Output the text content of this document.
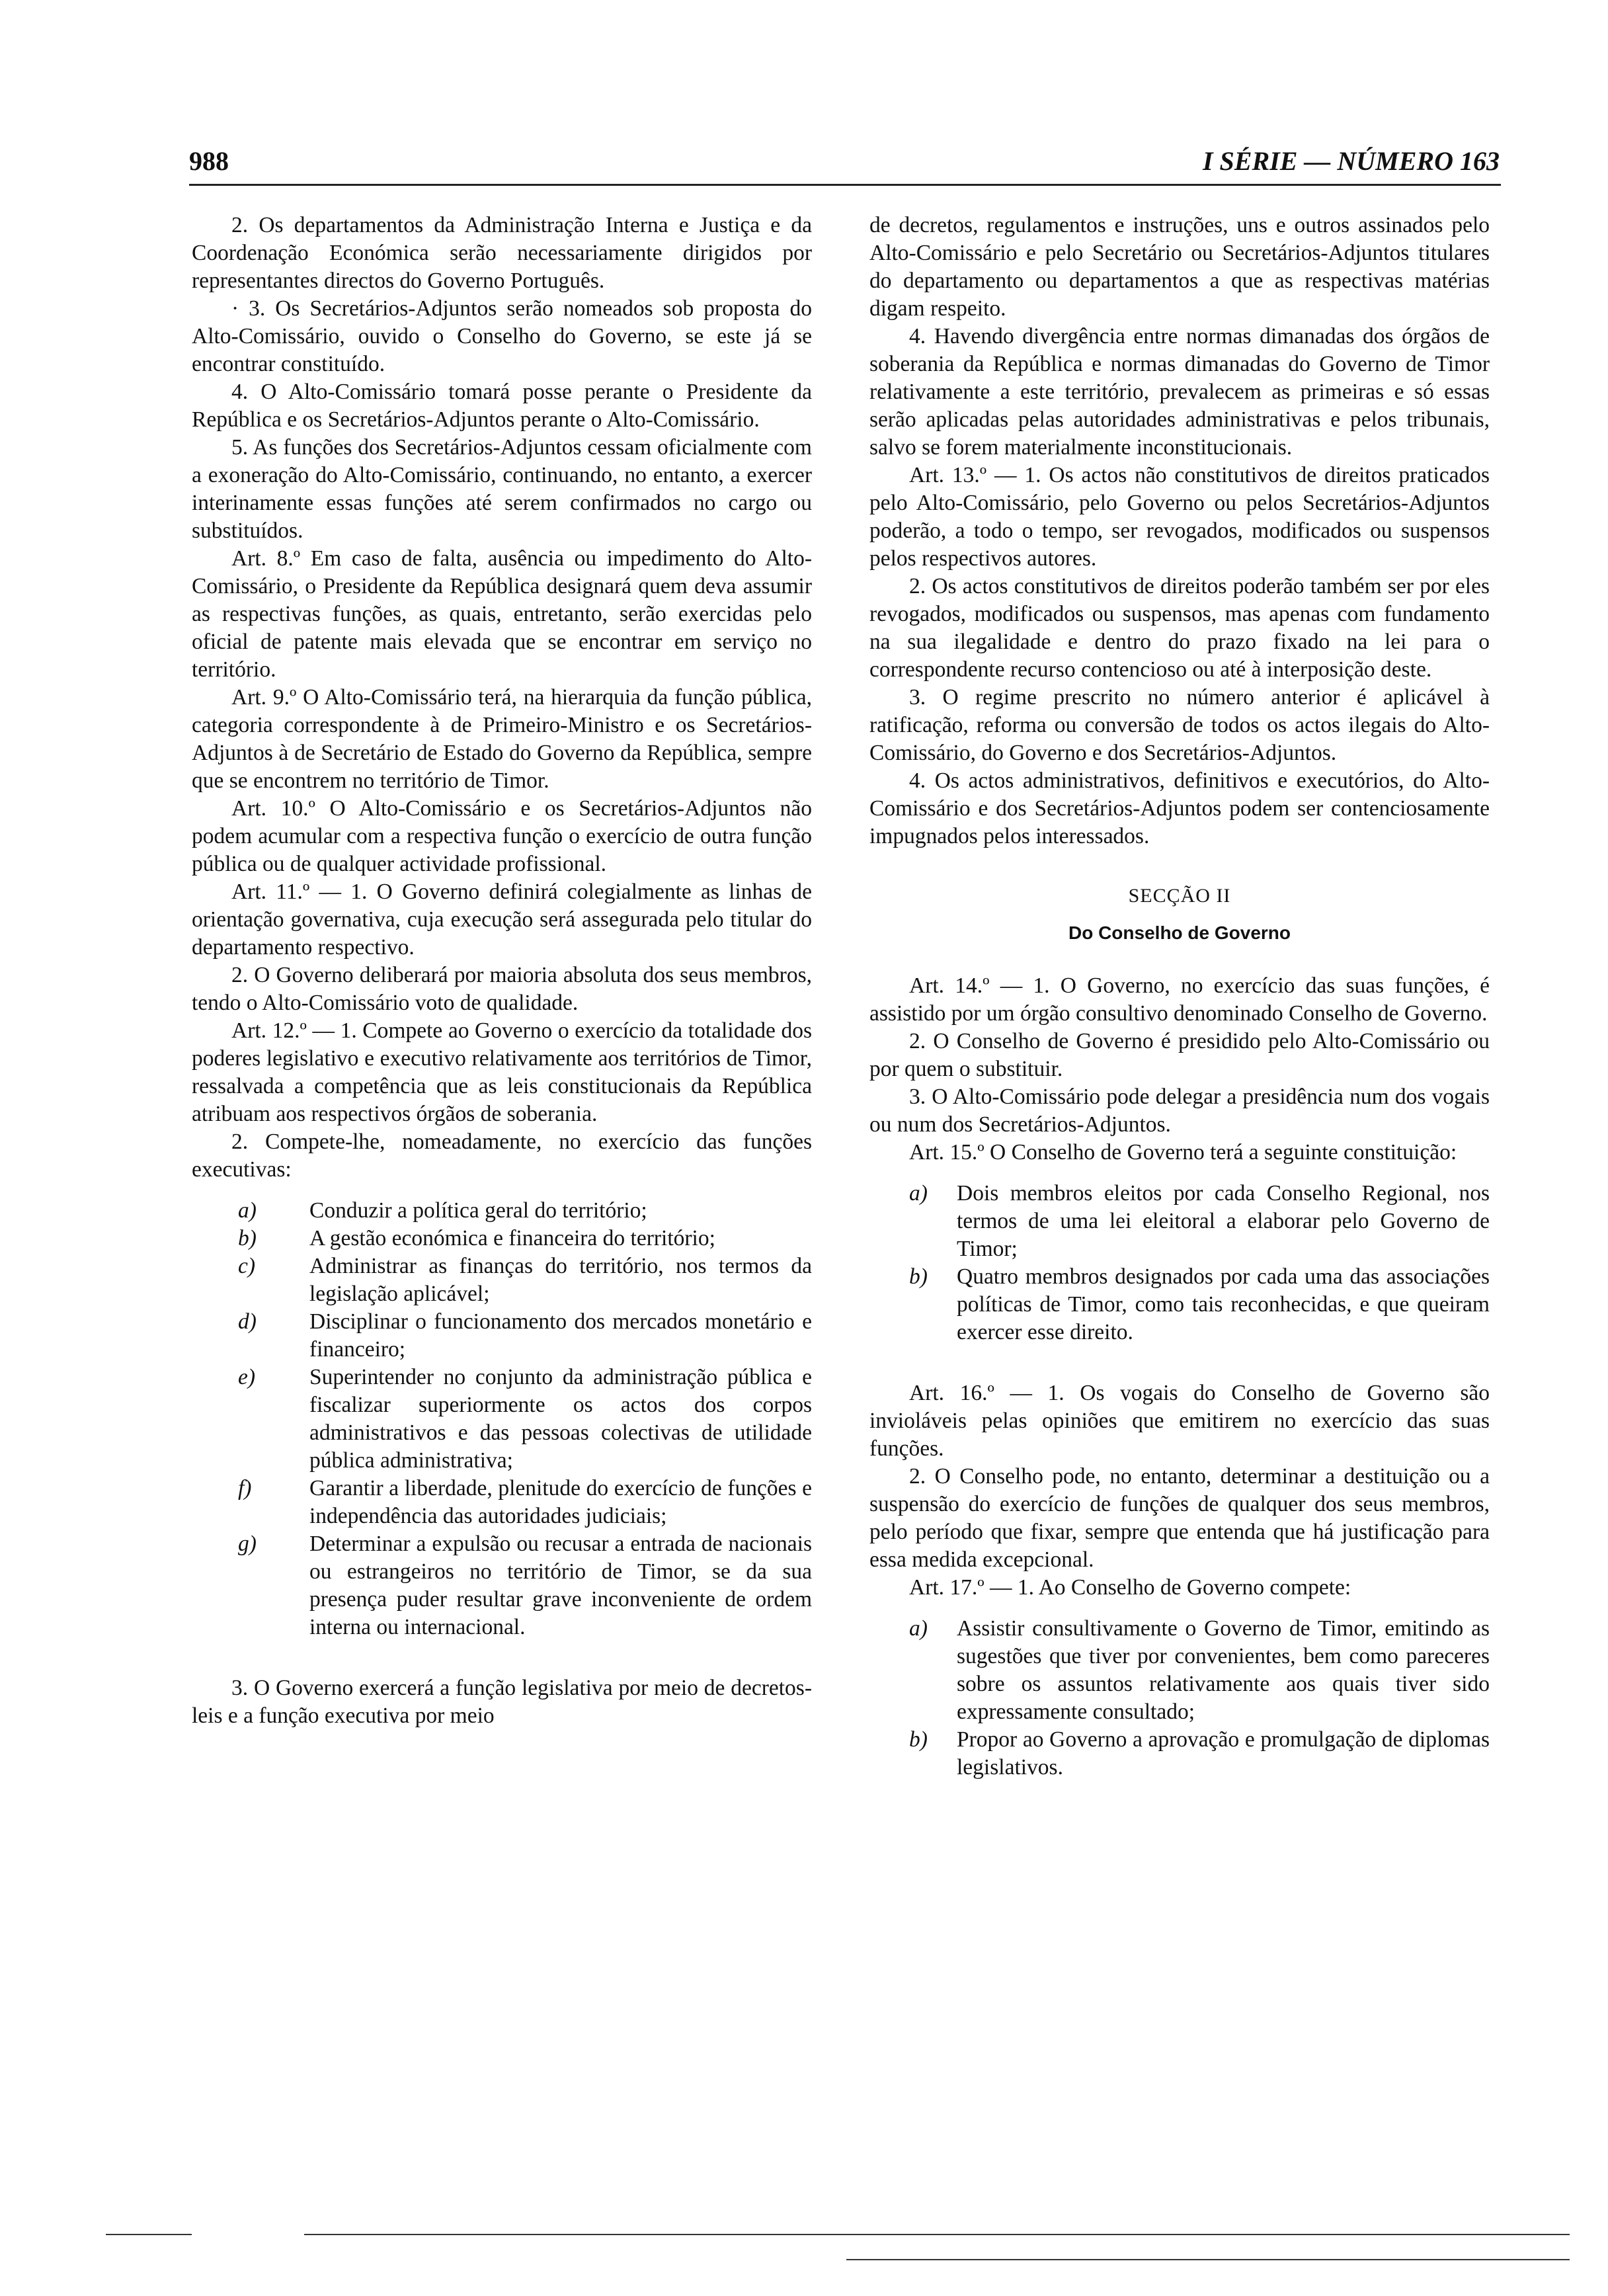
988	I SÉRIE — NÚMERO 163

2. Os departamentos da Administração Interna e Justiça e da Coordenação Económica serão necessariamente dirigidos por representantes directos do Governo Português.

· 3. Os Secretários-Adjuntos serão nomeados sob proposta do Alto-Comissário, ouvido o Conselho do Governo, se este já se encontrar constituído.

4. O Alto-Comissário tomará posse perante o Presidente da República e os Secretários-Adjuntos perante o Alto-Comissário.

5. As funções dos Secretários-Adjuntos cessam oficialmente com a exoneração do Alto-Comissário, continuando, no entanto, a exercer interinamente essas funções até serem confirmados no cargo ou substituídos.

Art. 8.º Em caso de falta, ausência ou impedimento do Alto-Comissário, o Presidente da República designará quem deva assumir as respectivas funções, as quais, entretanto, serão exercidas pelo oficial de patente mais elevada que se encontrar em serviço no território.

Art. 9.º O Alto-Comissário terá, na hierarquia da função pública, categoria correspondente à de Primeiro-Ministro e os Secretários-Adjuntos à de Secretário de Estado do Governo da República, sempre que se encontrem no território de Timor.

Art. 10.º O Alto-Comissário e os Secretários-Adjuntos não podem acumular com a respectiva função o exercício de outra função pública ou de qualquer actividade profissional.

Art. 11.º — 1. O Governo definirá colegialmente as linhas de orientação governativa, cuja execução será assegurada pelo titular do departamento respectivo.

2. O Governo deliberará por maioria absoluta dos seus membros, tendo o Alto-Comissário voto de qualidade.

Art. 12.º — 1. Compete ao Governo o exercício da totalidade dos poderes legislativo e executivo relativamente aos territórios de Timor, ressalvada a competência que as leis constitucionais da República atribuam aos respectivos órgãos de soberania.

2. Compete-lhe, nomeadamente, no exercício das funções executivas:

a)	Conduzir a política geral do território;
b)	A gestão económica e financeira do território;
c)	Administrar as finanças do território, nos termos da legislação aplicável;
d)	Disciplinar o funcionamento dos mercados monetário e financeiro;
e)	Superintender no conjunto da administração pública e fiscalizar superiormente os actos dos corpos administrativos e das pessoas colectivas de utilidade pública administrativa;
f)	Garantir a liberdade, plenitude do exercício de funções e independência das autoridades judiciais;
g)	Determinar a expulsão ou recusar a entrada de nacionais ou estrangeiros no território de Timor, se da sua presença puder resultar grave inconveniente de ordem interna ou internacional.

3. O Governo exercerá a função legislativa por meio de decretos-leis e a função executiva por meio

de decretos, regulamentos e instruções, uns e outros assinados pelo Alto-Comissário e pelo Secretário ou Secretários-Adjuntos titulares do departamento ou departamentos a que as respectivas matérias digam respeito.

4. Havendo divergência entre normas dimanadas dos órgãos de soberania da República e normas dimanadas do Governo de Timor relativamente a este território, prevalecem as primeiras e só essas serão aplicadas pelas autoridades administrativas e pelos tribunais, salvo se forem materialmente inconstitucionais.

Art. 13.º — 1. Os actos não constitutivos de direitos praticados pelo Alto-Comissário, pelo Governo ou pelos Secretários-Adjuntos poderão, a todo o tempo, ser revogados, modificados ou suspensos pelos respectivos autores.

2. Os actos constitutivos de direitos poderão também ser por eles revogados, modificados ou suspensos, mas apenas com fundamento na sua ilegalidade e dentro do prazo fixado na lei para o correspondente recurso contencioso ou até à interposição deste.

3. O regime prescrito no número anterior é aplicável à ratificação, reforma ou conversão de todos os actos ilegais do Alto-Comissário, do Governo e dos Secretários-Adjuntos.

4. Os actos administrativos, definitivos e executórios, do Alto-Comissário e dos Secretários-Adjuntos podem ser contenciosamente impugnados pelos interessados.

SECÇÃO II
Do Conselho de Governo

Art. 14.º — 1. O Governo, no exercício das suas funções, é assistido por um órgão consultivo denominado Conselho de Governo.

2. O Conselho de Governo é presidido pelo Alto-Comissário ou por quem o substituir.

3. O Alto-Comissário pode delegar a presidência num dos vogais ou num dos Secretários-Adjuntos.

Art. 15.º O Conselho de Governo terá a seguinte constituição:

a)	Dois membros eleitos por cada Conselho Regional, nos termos de uma lei eleitoral a elaborar pelo Governo de Timor;
b)	Quatro membros designados por cada uma das associações políticas de Timor, como tais reconhecidas, e que queiram exercer esse direito.

Art. 16.º — 1. Os vogais do Conselho de Governo são invioláveis pelas opiniões que emitirem no exercício das suas funções.

2. O Conselho pode, no entanto, determinar a destituição ou a suspensão do exercício de funções de qualquer dos seus membros, pelo período que fixar, sempre que entenda que há justificação para essa medida excepcional.

Art. 17.º — 1. Ao Conselho de Governo compete:

a)	Assistir consultivamente o Governo de Timor, emitindo as sugestões que tiver por convenientes, bem como pareceres sobre os assuntos relativamente aos quais tiver sido expressamente consultado;
b)	Propor ao Governo a aprovação e promulgação de diplomas legislativos.
